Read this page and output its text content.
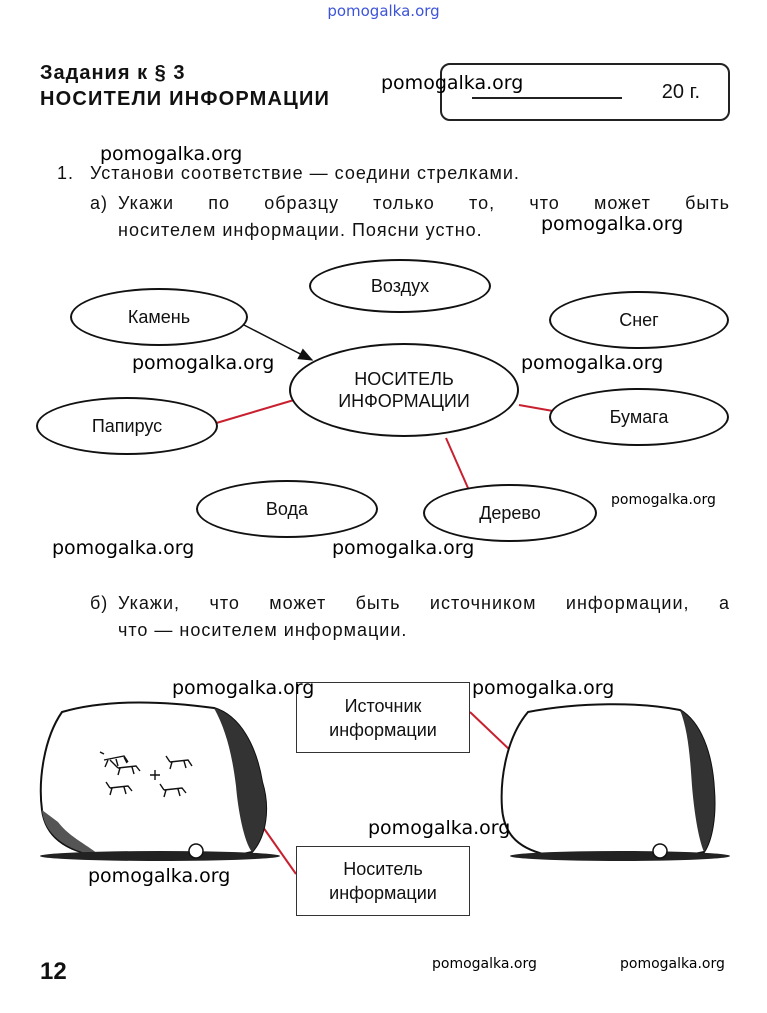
pomogalka.org
Задания к § 3
НОСИТЕЛИ ИНФОРМАЦИИ	20 г.
1. Установи соответствие — соедини стрелками.
а) Укажи по образцу только то, что может быть
носителем информации. Поясни устно.
Воздух
Камень	Снег
НОСИТЕЛЬ ИНФОРМАЦИИ
Папирус	Бумага
Вода	Дерево
б) Укажи, что может быть источником информации, а
что — носителем информации.
Источник информации
Носитель информации
pomogalka.org
pomogalka.org
pomogalka.org
pomogalka.org	pomogalka.org
pomogalka.org
pomogalka.org	pomogalka.org
pomogalka.org	pomogalka.org
pomogalka.org
pomogalka.org
pomogalka.org	pomogalka.org
12
